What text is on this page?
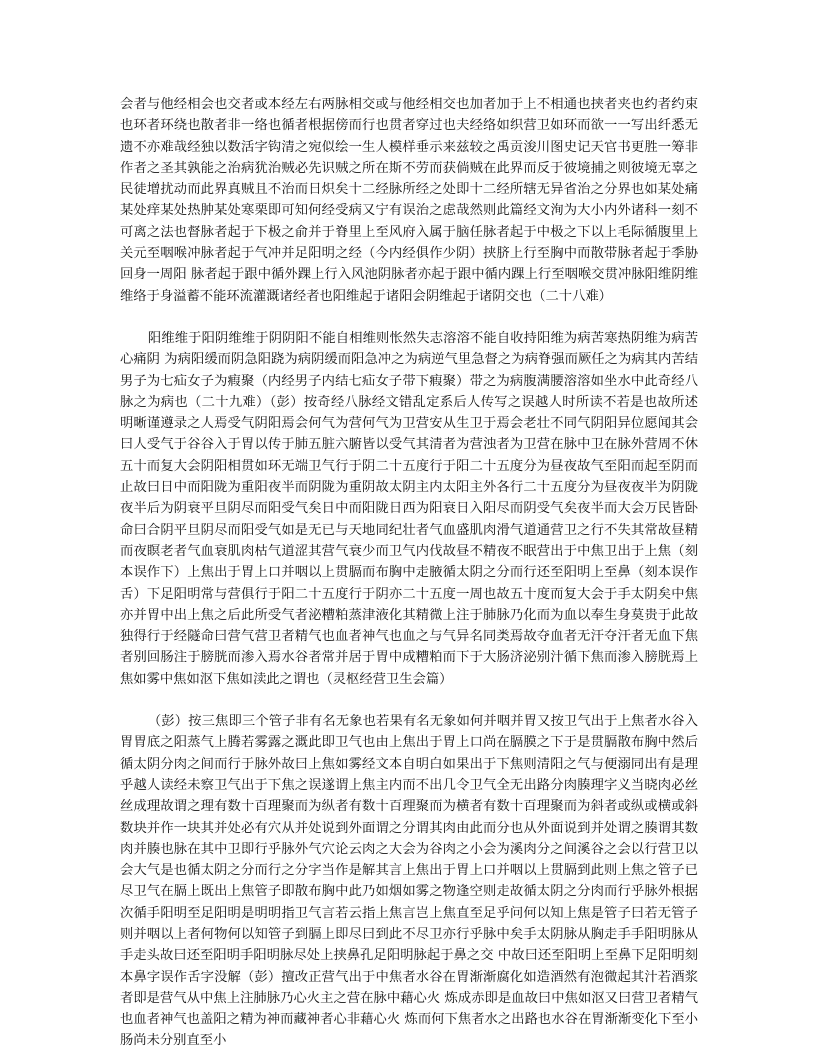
会者与他经相会也交者或本经左右两脉相交或与他经相交也加者加于上不相通也挟者夹也约者约束也环者环绕也散者非一络也循者根据傍而行也贯者穿过也夫经络如织营卫如环而欲一一写出纤悉无遗不亦难哉经独以数活字钩清之宛似绘一生人模样垂示来兹较之禹贡浚川图史记天官书更胜一筹非作者之圣其孰能之治病犹治贼必先识贼之所在斯不劳而获倘贼在此界而反于彼境捕之则彼境无辜之民徒增扰动而此界真贼且不治而日炽矣十二经脉所经之处即十二经所辖无异省治之分界也如某处痛某处痒某处热肿某处寒栗即可知何经受病又宁有误治之虑哉然则此篇经文洵为大小内外诸科一刻不可离之法也督脉者起于下极之俞并于脊里上至风府入属于脑任脉者起于中极之下以上毛际循腹里上关元至咽喉冲脉者起于气冲并足阳明之经（今内经俱作少阴）挟脐上行至胸中而散带脉者起于季胁回身一周阳 脉者起于跟中循外踝上行入风池阴脉者亦起于跟中循内踝上行至咽喉交贯冲脉阳维阴维维络于身溢蓄不能环流灌溉诸经者也阳维起于诸阳会阴维起于诸阴交也（二十八难）

阳维维于阳阴维维于阴阴阳不能自相维则怅然失志溶溶不能自收持阳维为病苦寒热阴维为病苦心痛阴 为病阳缓而阴急阳跷为病阴缓而阳急冲之为病逆气里急督之为病脊强而厥任之为病其内苦结男子为七疝女子为瘕聚（内经男子内结七疝女子带下瘕聚）带之为病腹满腰溶溶如坐水中此奇经八脉之为病也（二十九难）（彭）按奇经八脉经文错乱定系后人传写之误越人时所读不若是也故所述明晰谨遵录之人焉受气阴阳焉会何气为营何气为卫营安从生卫于焉会老壮不同气阴阳异位愿闻其会曰人受气于谷谷入于胃以传于肺五脏六腑皆以受气其清者为营浊者为卫营在脉中卫在脉外营周不休五十而复大会阴阳相贯如环无端卫气行于阴二十五度行于阳二十五度分为昼夜故气至阳而起至阴而止故曰日中而阳陇为重阳夜半而阴陇为重阴故太阴主内太阳主外各行二十五度分为昼夜夜半为阴陇夜半后为阴衰平旦阴尽而阳受气矣日中而阳陇日西为阳衰日入阳尽而阴受气矣夜半而大会万民皆卧命曰合阴平旦阴尽而阳受气如是无已与天地同纪壮者气血盛肌肉滑气道通营卫之行不失其常故昼精而夜瞑老者气血衰肌肉枯气道涩其营气衰少而卫气内伐故昼不精夜不眠营出于中焦卫出于上焦（刻本误作下）上焦出于胃上口并咽以上贯膈而布胸中走腋循太阴之分而行还至阳明上至鼻（刻本误作舌）下足阳明常与营俱行于阳二十五度行于阴亦二十五度一周也故五十度而复大会于手太阴矣中焦亦并胃中出上焦之后此所受气者泌糟粕蒸津液化其精微上注于肺脉乃化而为血以奉生身莫贵于此故独得行于经隧命曰营气营卫者精气也血者神气也血之与气异名同类焉故夺血者无汗夺汗者无血下焦者别回肠注于膀胱而渗入焉水谷者常并居于胃中成糟粕而下于大肠济泌别汁循下焦而渗入膀胱焉上焦如雾中焦如沤下焦如渎此之谓也（灵枢经营卫生会篇）

（彭）按三焦即三个管子非有名无象也若果有名无象如何并咽并胃又按卫气出于上焦者水谷入胃胃底之阳蒸气上腾若雾露之溉此即卫气也由上焦出于胃上口尚在膈膜之下于是贯膈散布胸中然后循太阴分肉之间而行于脉外故曰上焦如雾经文本自明白如果出于下焦则清阳之气与便溺同出有是理乎越人读经未察卫气出于下焦之误遂谓上焦主内而不出几令卫气全无出路分肉腠理字义当晓肉必丝丝成理故谓之理有数十百理聚而为纵者有数十百理聚而为横者有数十百理聚而为斜者或纵或横或斜数块并作一块其并处必有穴从并处说到外面谓之分谓其肉由此而分也从外面说到并处谓之腠谓其数肉并腠也脉在其中卫即行乎脉外气穴论云肉之大会为谷肉之小会为溪肉分之间溪谷之会以行营卫以会大气是也循太阴之分而行之分字当作是解其言上焦出于胃上口并咽以上贯膈到此则上焦之管子已尽卫气在膈上既出上焦管子即散布胸中此乃如烟如雾之物逢空则走故循太阴之分肉而行乎脉外根据次循手阳明至足阳明是明明指卫气言若云指上焦言岂上焦直至足乎问何以知上焦是管子曰若无管子则并咽以上者何物何以知管子到膈上即尽曰到此不尽卫亦行乎脉中矣手太阴脉从胸走手手阳明脉从手走头故曰还至阳明手阳明脉尽处上挟鼻孔足阳明脉起于鼻之交 中故曰还至阳明上至鼻下足阳明刻本鼻字误作舌字没解（彭）擅改正营气出于中焦者水谷在胃渐渐腐化如造酒然有泡微起其汁若酒浆者即是营气从中焦上注肺脉乃心火主之营在脉中藉心火 炼成赤即是血故曰中焦如沤又曰营卫者精气也血者神气也盖阳之精为神而藏神者心非藉心火 炼而何下焦者水之出路也水谷在胃渐渐变化下至小肠尚未分别直至小
